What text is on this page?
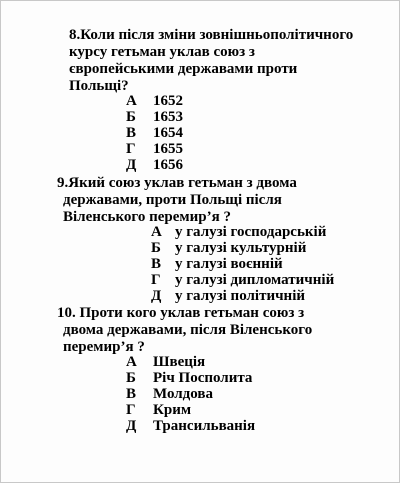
8.Коли після зміни зовнішньополітичного
курсу гетьман уклав союз з
європейськими державами проти
Польщі?
А 1652
Б 1653
В 1654
Г 1655
Д 1656
9.Який союз уклав гетьман з двома
державами, проти Польщі після
Віленського перемир’я ?
А у галузі господарській
Б у галузі культурній
В у галузі воєнній
Г у галузі дипломатичній
Д у галузі політичній
10. Проти кого уклав гетьман союз з
двома державами, після Віленського
перемир’я ?
А Швеція
Б Річ Посполита
В Молдова
Г Крим
Д Трансильванія
